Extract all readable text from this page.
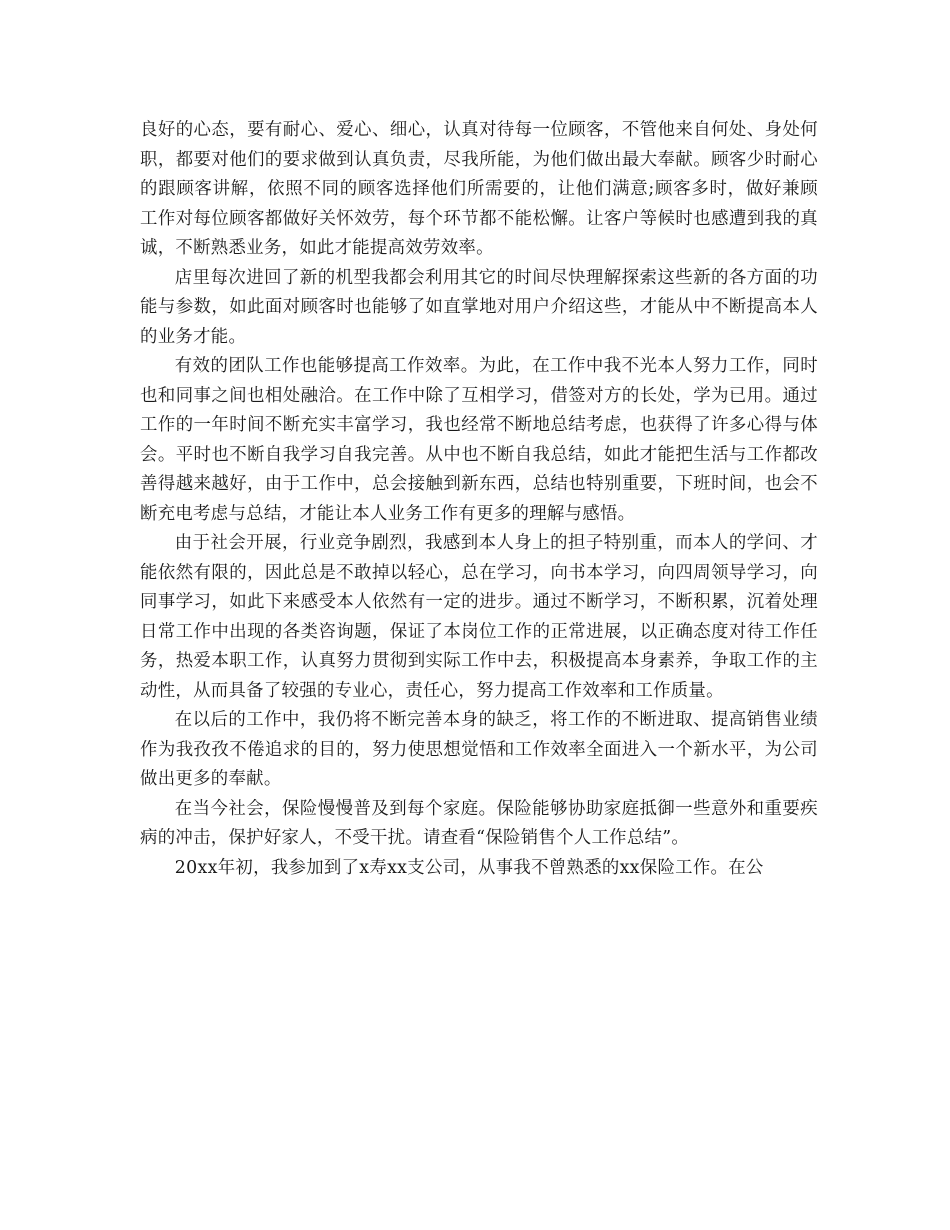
良好的心态，要有耐心、爱心、细心，认真对待每一位顾客，不管他来自何处、身处何职，都要对他们的要求做到认真负责，尽我所能，为他们做出最大奉献。顾客少时耐心的跟顾客讲解，依照不同的顾客选择他们所需要的，让他们满意;顾客多时，做好兼顾工作对每位顾客都做好关怀效劳，每个环节都不能松懈。让客户等候时也感遭到我的真诚，不断熟悉业务，如此才能提高效劳效率。

店里每次进回了新的机型我都会利用其它的时间尽快理解探索这些新的各方面的功能与参数，如此面对顾客时也能够了如直掌地对用户介绍这些，才能从中不断提高本人的业务才能。

有效的团队工作也能够提高工作效率。为此，在工作中我不光本人努力工作，同时也和同事之间也相处融洽。在工作中除了互相学习，借签对方的长处，学为已用。通过工作的一年时间不断充实丰富学习，我也经常不断地总结考虑，也获得了许多心得与体会。平时也不断自我学习自我完善。从中也不断自我总结，如此才能把生活与工作都改善得越来越好，由于工作中，总会接触到新东西，总结也特别重要，下班时间，也会不断充电考虑与总结，才能让本人业务工作有更多的理解与感悟。

由于社会开展，行业竞争剧烈，我感到本人身上的担子特别重，而本人的学问、才能依然有限的，因此总是不敢掉以轻心，总在学习，向书本学习，向四周领导学习，向同事学习，如此下来感受本人依然有一定的进步。通过不断学习，不断积累，沉着处理日常工作中出现的各类咨询题，保证了本岗位工作的正常进展，以正确态度对待工作任务，热爱本职工作，认真努力贯彻到实际工作中去，积极提高本身素养，争取工作的主动性，从而具备了较强的专业心，责任心，努力提高工作效率和工作质量。

在以后的工作中，我仍将不断完善本身的缺乏，将工作的不断进取、提高销售业绩作为我孜孜不倦追求的目的，努力使思想觉悟和工作效率全面进入一个新水平，为公司做出更多的奉献。

在当今社会，保险慢慢普及到每个家庭。保险能够协助家庭抵御一些意外和重要疾病的冲击，保护好家人，不受干扰。请查看“保险销售个人工作总结”。

20xx年初，我参加到了x寿xx支公司，从事我不曾熟悉的xx保险工作。在公
